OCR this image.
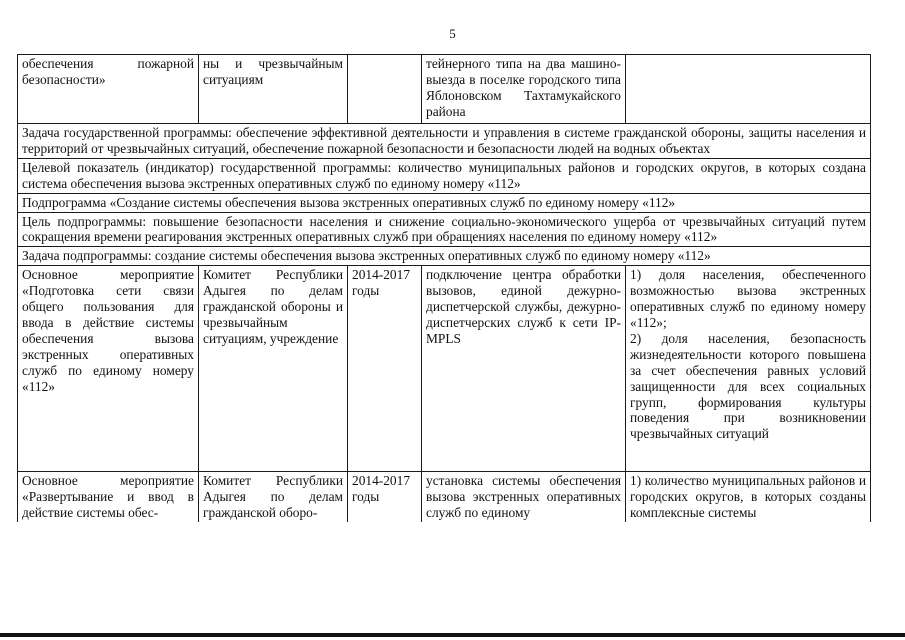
5
обеспечения пожарной безопасности»	ны и чрезвычайным ситуациям		тейнерного типа на два машино-выезда в поселке городского типа Яблоновском Тахтамукайского района	
Задача государственной программы: обеспечение эффективной деятельности и управления в системе гражданской обороны, защиты населения и территорий от чрезвычайных ситуаций, обеспечение пожарной безопасности и безопасности людей на водных объектах				
Целевой показатель (индикатор) государственной программы: количество муниципальных районов и городских округов, в которых создана система обеспечения вызова экстренных оперативных служб по единому номеру «112»				
Подпрограмма «Создание системы обеспечения вызова экстренных оперативных служб по единому номеру «112»				
Цель подпрограммы: повышение безопасности населения и снижение социально-экономического ущерба от чрезвычайных ситуаций путем сокращения времени реагирования экстренных оперативных служб при обращениях населения по единому номеру «112»				
Задача подпрограммы: создание системы обеспечения вызова экстренных оперативных служб по единому номеру «112»				
Основное мероприятие «Подготовка сети связи общего пользования для ввода в действие системы обеспечения вызова экстренных оперативных служб по единому номеру «112»	Комитет Республики Адыгея по делам гражданской обороны и чрезвычайным ситуациям, учреждение	2014-2017 годы	подключение центра обработки вызовов, единой дежурно-диспетчерской службы, дежурно-диспетчерских служб к сети IP-MPLS	1) доля населения, обеспеченного возможностью вызова экстренных оперативных служб по единому номеру «112»;
2) доля населения, безопасность жизнедеятельности которого повышена за счет обеспечения равных условий защищенности для всех социальных групп, формирования культуры поведения при возникновении чрезвычайных ситуаций

Основное мероприятие «Развертывание и ввод в действие системы обес-	Комитет Республики Адыгея по делам гражданской оборо-	2014-2017 годы	установка системы обеспечения вызова экстренных оперативных служб по единому	1) количество муниципальных районов и городских округов, в которых созданы комплексные системы
